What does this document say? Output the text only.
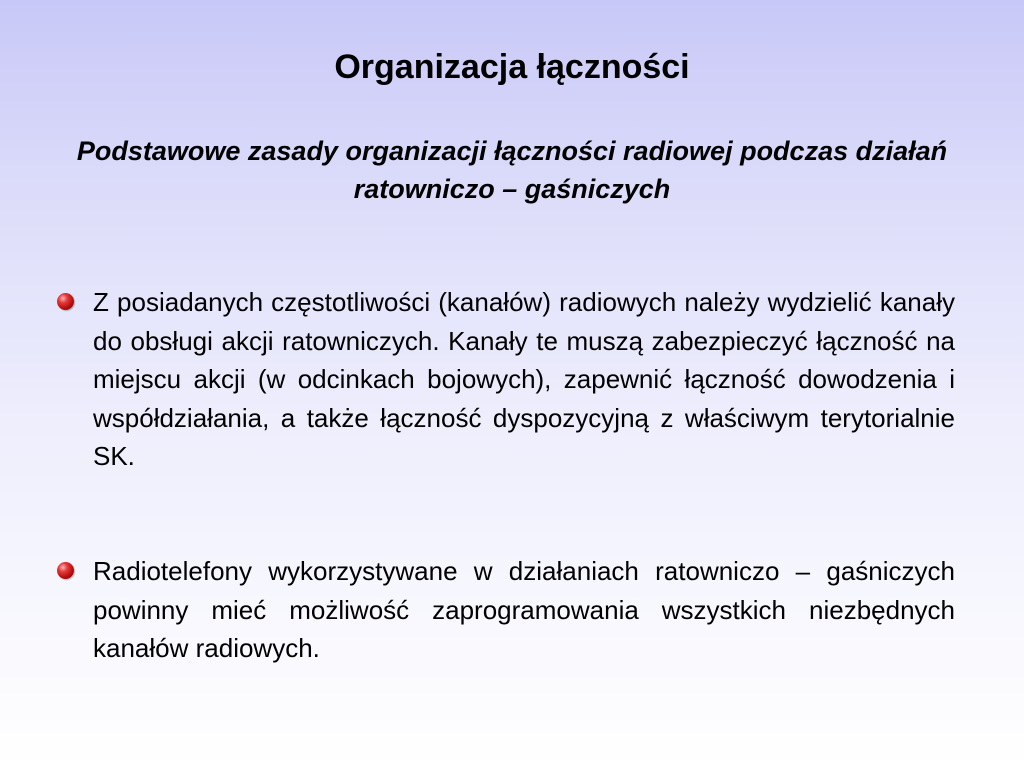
Organizacja łączności
Podstawowe zasady organizacji łączności radiowej podczas działań ratowniczo – gaśniczych
Z posiadanych częstotliwości (kanałów) radiowych należy wydzielić kanały do obsługi akcji ratowniczych. Kanały te muszą zabezpieczyć łączność na miejscu akcji (w odcinkach bojowych), zapewnić łączność dowodzenia i współdziałania, a także łączność dyspozycyjną z właściwym terytorialnie SK.
Radiotelefony wykorzystywane w działaniach ratowniczo – gaśniczych powinny mieć możliwość zaprogramowania wszystkich niezbędnych kanałów radiowych.
